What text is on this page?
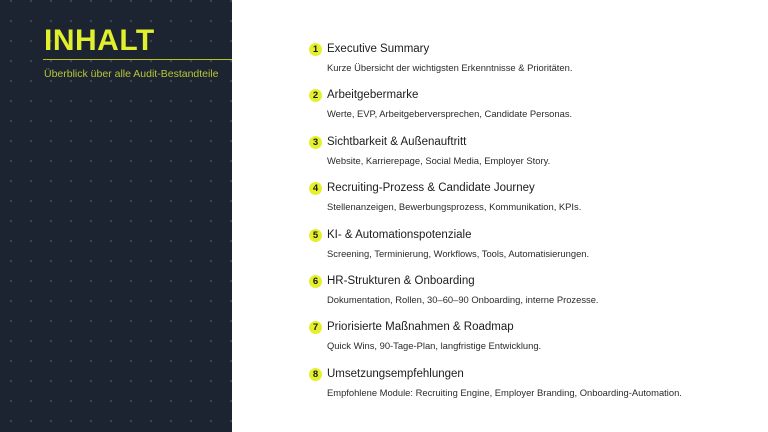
INHALT
Überblick über alle Audit-Bestandteile
1 Executive Summary
Kurze Übersicht der wichtigsten Erkenntnisse & Prioritäten.
2 Arbeitgebermarke
Werte, EVP, Arbeitgeberversprechen, Candidate Personas.
3 Sichtbarkeit & Außenauftritt
Website, Karrierepage, Social Media, Employer Story.
4 Recruiting-Prozess & Candidate Journey
Stellenanzeigen, Bewerbungsprozess, Kommunikation, KPIs.
5 KI- & Automationspotenziale
Screening, Terminierung, Workflows, Tools, Automatisierungen.
6 HR-Strukturen & Onboarding
Dokumentation, Rollen, 30–60–90 Onboarding, interne Prozesse.
7 Priorisierte Maßnahmen & Roadmap
Quick Wins, 90-Tage-Plan, langfristige Entwicklung.
8 Umsetzungsempfehlungen
Empfohlene Module: Recruiting Engine, Employer Branding, Onboarding-Automation.
